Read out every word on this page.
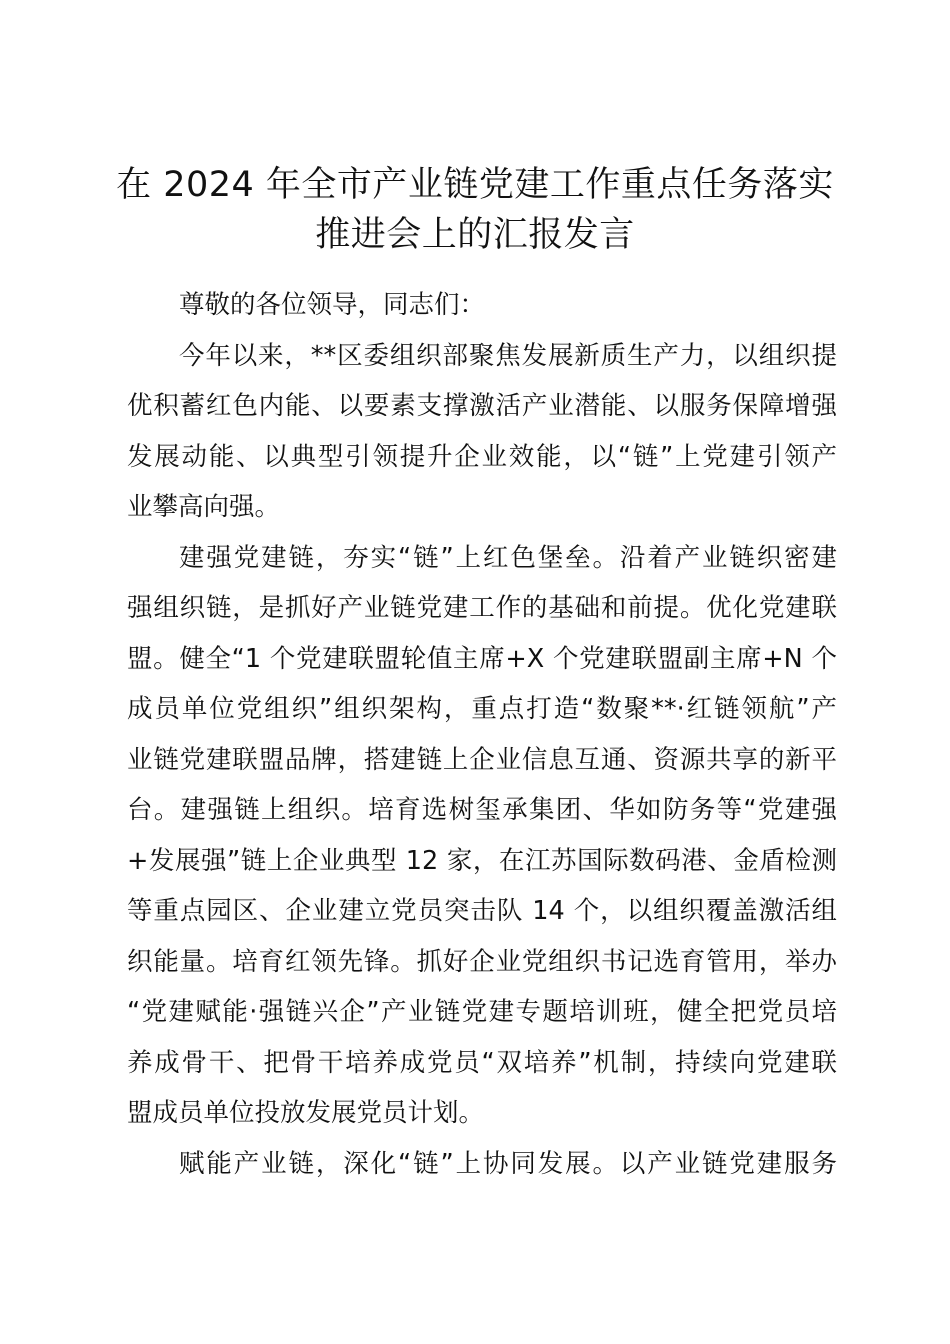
在 2024 年全市产业链党建工作重点任务落实
推进会上的汇报发言
尊敬的各位领导，同志们：
今年以来，**区委组织部聚焦发展新质生产力，以组织提
优积蓄红色内能、以要素支撑激活产业潜能、以服务保障增强
发展动能、以典型引领提升企业效能，以“链”上党建引领产
业攀高向强。
建强党建链，夯实“链”上红色堡垒。沿着产业链织密建
强组织链，是抓好产业链党建工作的基础和前提。优化党建联
盟。健全“1 个党建联盟轮值主席+X 个党建联盟副主席+N 个
成员单位党组织”组织架构，重点打造“数聚**·红链领航”产
业链党建联盟品牌，搭建链上企业信息互通、资源共享的新平
台。建强链上组织。培育选树玺承集团、华如防务等“党建强
+发展强”链上企业典型 12 家，在江苏国际数码港、金盾检测
等重点园区、企业建立党员突击队 14 个，以组织覆盖激活组
织能量。培育红领先锋。抓好企业党组织书记选育管用，举办
“党建赋能·强链兴企”产业链党建专题培训班，健全把党员培
养成骨干、把骨干培养成党员“双培养”机制，持续向党建联
盟成员单位投放发展党员计划。
赋能产业链，深化“链”上协同发展。以产业链党建服务
